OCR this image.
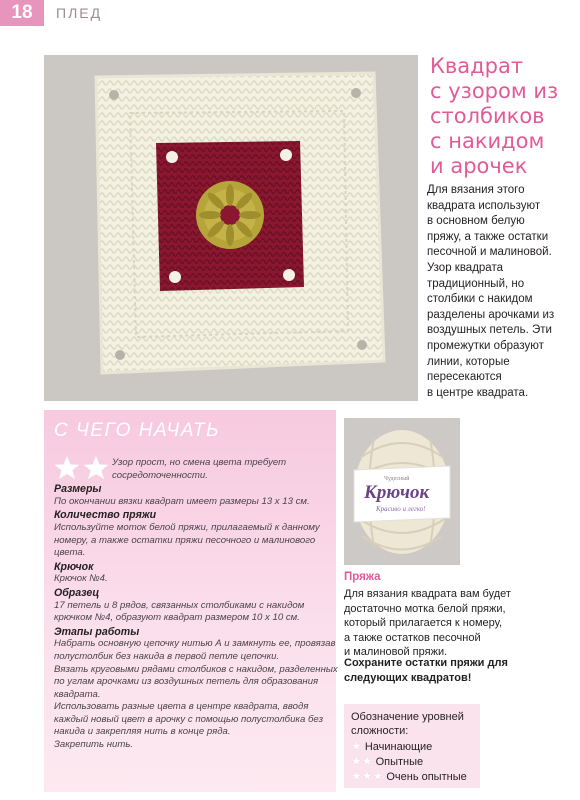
18	ПЛЕД
Квадрат
с узором из
столбиков
с накидом
и арочек
Для вязания этого
квадрата используют
в основном белую
пряжу, а также остатки
песочной и малиновой.
Узор квадрата
традиционный, но
столбики с накидом
разделены арочками из
воздушных петель. Эти
промежутки образуют
линии, которые
пересекаются
в центре квадрата.
С ЧЕГО НАЧАТЬ
Узор прост, но смена цвета требует
сосредоточенности.
Размеры
По окончании вязки квадрат имеет размеры 13 x 13 см.
Количество пряжи
Используйте моток белой пряжи, прилагаемый к данному
номеру, а также остатки пряжи песочного и малинового
цвета.
Крючок
Крючок №4.
Образец
17 петель и 8 рядов, связанных столбиками с накидом
крючком №4, образуют квадрат размером 10 x 10 см.
Этапы работы
Набрать основную цепочку нитью А и замкнуть ее, провязав
полустолбик без накида в первой петле цепочки.
Вязать круговыми рядами столбиков с накидом, разделенных
по углам арочками из воздушных петель для образования
квадрата.
Использовать разные цвета в центре квадрата, вводя
каждый новый цвет в арочку с помощью полустолбика без
накида и закрепляя нить в конце ряда.
Закрепить нить.
Чудесный
Крючок
Красиво и легко!
Пряжа
Для вязания квадрата вам будет
достаточно мотка белой пряжи,
который прилагается к номеру,
а также остатков песочной
и малиновой пряжи.
Сохраните остатки пряжи для
следующих квадратов!
Обозначение уровней
сложности:
★ Начинающие
★★ Опытные
★★★ Очень опытные
